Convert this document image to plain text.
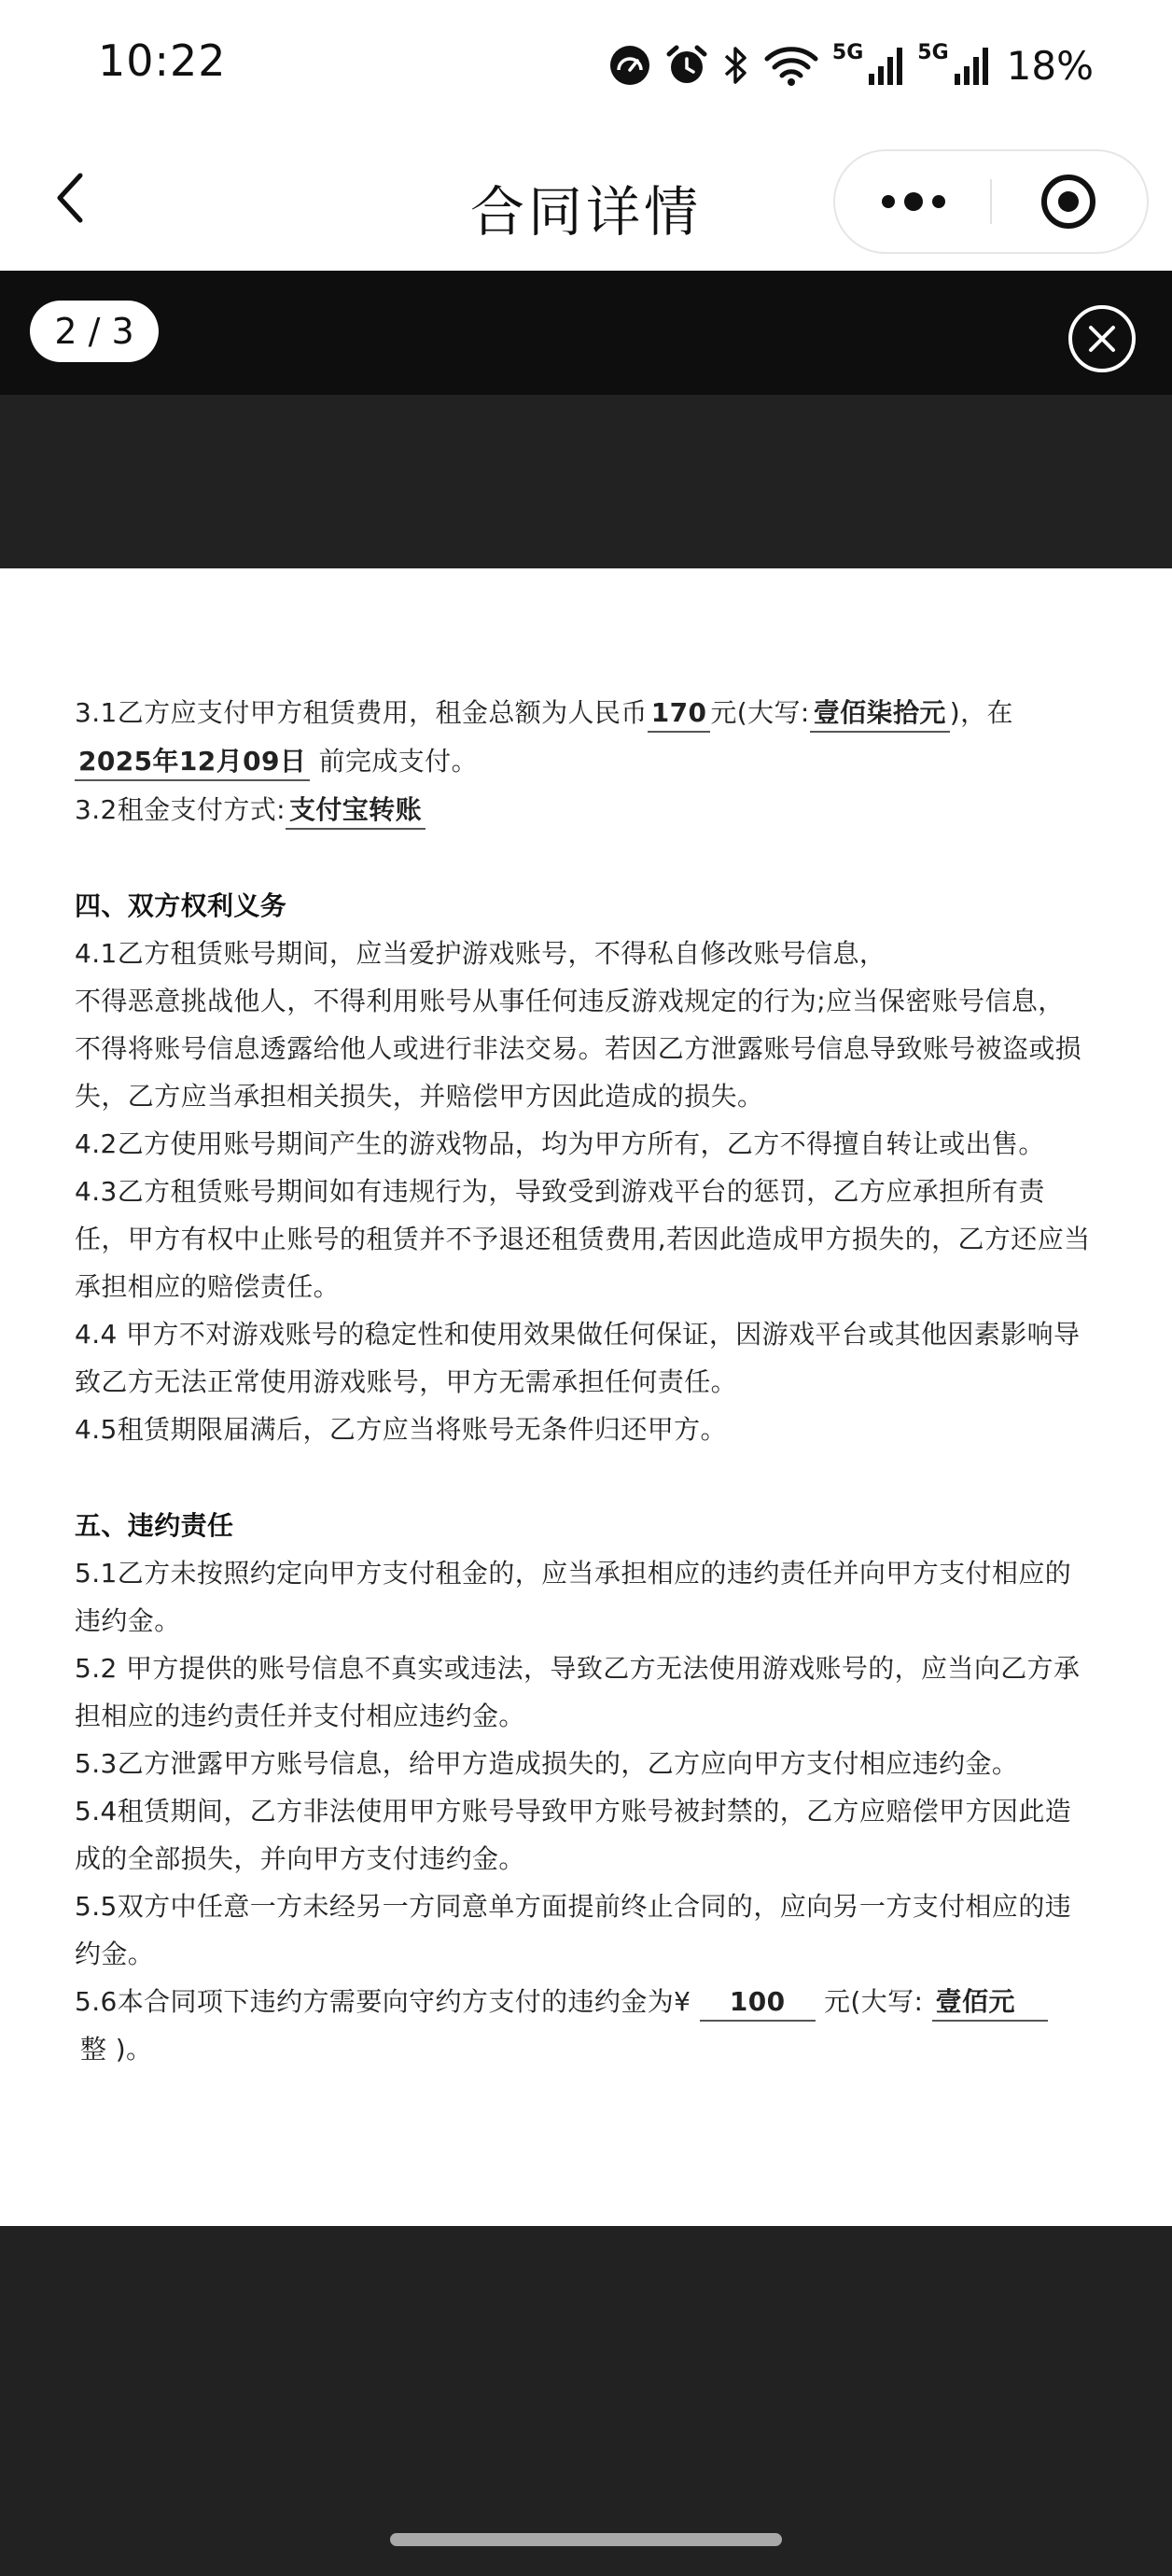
10:22	5G	5G 18%
合同详情
2 / 3
3.1乙方应支付甲方租赁费用，租金总额为人民币 170 元(大写: 壹佰柒拾元 )，在
2025年12月09日 前完成支付。
3.2租金支付方式: 支付宝转账
四、双方权利义务
4.1乙方租赁账号期间，应当爱护游戏账号，不得私自修改账号信息，
不得恶意挑战他人，不得利用账号从事任何违反游戏规定的行为;应当保密账号信息，
不得将账号信息透露给他人或进行非法交易。若因乙方泄露账号信息导致账号被盗或损
失，乙方应当承担相关损失，并赔偿甲方因此造成的损失。
4.2乙方使用账号期间产生的游戏物品，均为甲方所有，乙方不得擅自转让或出售。
4.3乙方租赁账号期间如有违规行为，导致受到游戏平台的惩罚，乙方应承担所有责
任，甲方有权中止账号的租赁并不予退还租赁费用,若因此造成甲方损失的，乙方还应当
承担相应的赔偿责任。
4.4 甲方不对游戏账号的稳定性和使用效果做任何保证，因游戏平台或其他因素影响导
致乙方无法正常使用游戏账号，甲方无需承担任何责任。
4.5租赁期限届满后，乙方应当将账号无条件归还甲方。
五、违约责任
5.1乙方未按照约定向甲方支付租金的，应当承担相应的违约责任并向甲方支付相应的
违约金。
5.2 甲方提供的账号信息不真实或违法，导致乙方无法使用游戏账号的，应当向乙方承
担相应的违约责任并支付相应违约金。
5.3乙方泄露甲方账号信息，给甲方造成损失的，乙方应向甲方支付相应违约金。
5.4租赁期间，乙方非法使用甲方账号导致甲方账号被封禁的，乙方应赔偿甲方因此造
成的全部损失，并向甲方支付违约金。
5.5双方中任意一方未经另一方同意单方面提前终止合同的，应向另一方支付相应的违
约金。
5.6本合同项下违约方需要向守约方支付的违约金为¥ 100 元(大写: 壹佰元
整 )。
